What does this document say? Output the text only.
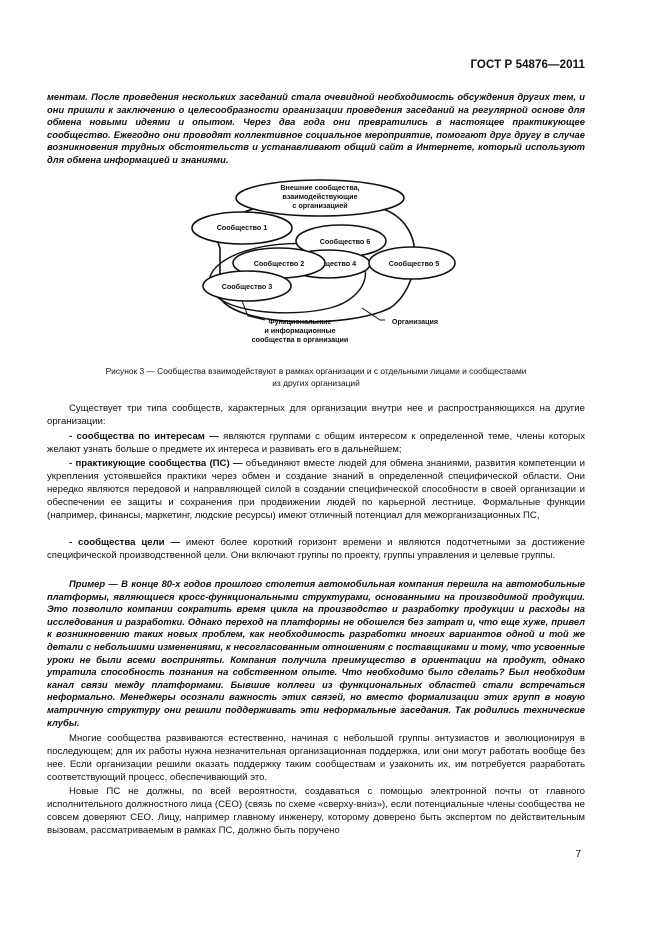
ГОСТ Р 54876—2011

ментам. После проведения нескольких заседаний стала очевидной необходимость обсуждения других тем, и они пришли к заключению о целесообразности организации проведения заседаний на регулярной основе для обмена новыми идеями и опытом. Через два года они превратились в настоящее практикующее сообщество. Ежегодно они проводят коллективное социальное мероприятие, помогают друг другу в случае возникновения трудных обстоятельств и устанавливают общий сайт в Интернете, который используют для обмена информацией и знаниями.

Внешние сообщества,
взаимодействующие
с организацией
Сообщество 1
Сообщество 6
щество 4
Сообщество 2	Сообщество 5
Сообщество 3
Функциональные
и информационные
сообщества в организации
Организация
Рисунок 3 — Сообщества взаимодействуют в рамках организации и с отдельными лицами и сообществами
из других организаций

Существует три типа сообществ, характерных для организации внутри нее и распространяющихся на другие организации:

- сообщества по интересам — являются группами с общим интересом к определенной теме, члены которых желают узнать больше о предмете их интереса и развивать его в дальнейшем;

- практикующие сообщества (ПС) — объединяют вместе людей для обмена знаниями, развития компетенции и укрепления устоявшейся практики через обмен и создание знаний в определенной специфической области. Они нередко являются передовой и направляющей силой в создании специфической способности в своей организации и обеспечении ее защиты и сохранения при продвижении людей по карьерной лестнице. Формальные функции (например, финансы, маркетинг, людские ресурсы) имеют отличный потенциал для межорганизационных ПС,

- сообщества цели — имеют более короткий горизонт времени и являются подотчетными за достижение специфической производственной цели. Они включают группы по проекту, группы управления и целевые группы.

Пример — В конце 80-х годов прошлого столетия автомобильная компания перешла на автомобильные платформы, являющиеся кросс-функциональными структурами, основанными на производимой продукции. Это позволило компании сократить время цикла на производство и разработку продукции и расходы на исследования и разработки. Однако переход на платформы не обошелся без затрат и, что еще хуже, привел к возникновению таких новых проблем, как необходимость разработки многих вариантов одной и той же детали с небольшими изменениями, к несогласованным отношениям с поставщиками и тому, что усвоенные уроки не были всеми восприняты. Компания получила преимущество в ориентации на продукт, однако утратила способность познания на собственном опыте. Что необходимо было сделать? Был необходим канал связи между платформами. Бывшие коллеги из функциональных областей стали встречаться неформально. Менеджеры осознали важность этих связей, но вместо формализации этих групп в новую матричную структуру они решили поддерживать эти неформальные заседания. Так родились технические клубы.

Многие сообщества развиваются естественно, начиная с небольшой группы энтузиастов и эволюционируя в последующем; для их работы нужна незначительная организационная поддержка, или они могут работать вообще без нее. Если организации решили оказать поддержку таким сообществам и узаконить их, им потребуется разработать соответствующий процесс, обеспечивающий это.

Новые ПС не должны, по всей вероятности, создаваться с помощью электронной почты от главного исполнительного должностного лица (CEO) (связь по схеме «сверху-вниз»), если потенциальные члены сообщества не совсем доверяют CEO. Лицу, например главному инженеру, которому доверено быть экспертом по действительным вызовам, рассматриваемым в рамках ПС, должно быть поручено

7
